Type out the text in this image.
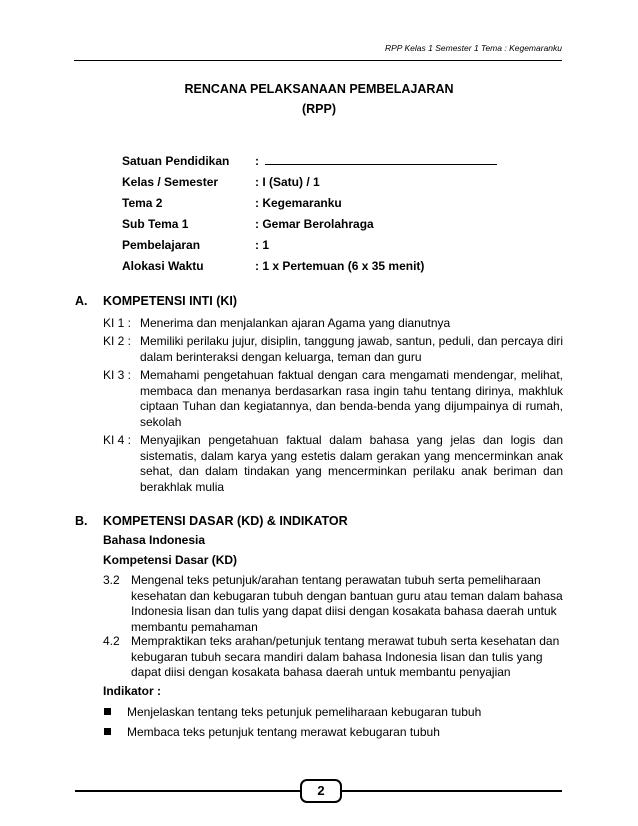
RPP Kelas 1 Semester 1 Tema : Kegemaranku
RENCANA PELAKSANAAN PEMBELAJARAN
(RPP)
Satuan Pendidikan :
Kelas / Semester	: I (Satu) / 1
Tema 2	: Kegemaranku
Sub Tema 1	: Gemar Berolahraga
Pembelajaran	: 1
Alokasi Waktu	: 1 x Pertemuan (6 x 35 menit)
A. KOMPETENSI INTI (KI)
KI 1 : Menerima dan menjalankan ajaran Agama yang dianutnya
KI 2 : Memiliki perilaku jujur, disiplin, tanggung jawab, santun, peduli, dan percaya diri dalam berinteraksi dengan keluarga, teman dan guru
KI 3 : Memahami pengetahuan faktual dengan cara mengamati mendengar, melihat, membaca dan menanya berdasarkan rasa ingin tahu tentang dirinya, makhluk ciptaan Tuhan dan kegiatannya, dan benda-benda yang dijumpainya di rumah, sekolah
KI 4 : Menyajikan pengetahuan faktual dalam bahasa yang jelas dan logis dan sistematis, dalam karya yang estetis dalam gerakan yang mencerminkan anak sehat, dan dalam tindakan yang mencerminkan perilaku anak beriman dan berakhlak mulia
B. KOMPETENSI DASAR (KD) & INDIKATOR
Bahasa Indonesia
Kompetensi Dasar (KD)
3.2 Mengenal teks petunjuk/arahan tentang perawatan tubuh serta pemeliharaan kesehatan dan kebugaran tubuh dengan bantuan guru atau teman dalam bahasa Indonesia lisan dan tulis yang dapat diisi dengan kosakata bahasa daerah untuk membantu pemahaman
4.2 Mempraktikan teks arahan/petunjuk tentang merawat tubuh serta kesehatan dan kebugaran tubuh secara mandiri dalam bahasa Indonesia lisan dan tulis yang dapat diisi dengan kosakata bahasa daerah untuk membantu penyajian
Indikator :
Menjelaskan tentang teks petunjuk pemeliharaan kebugaran tubuh
Membaca teks petunjuk tentang merawat kebugaran tubuh
2
